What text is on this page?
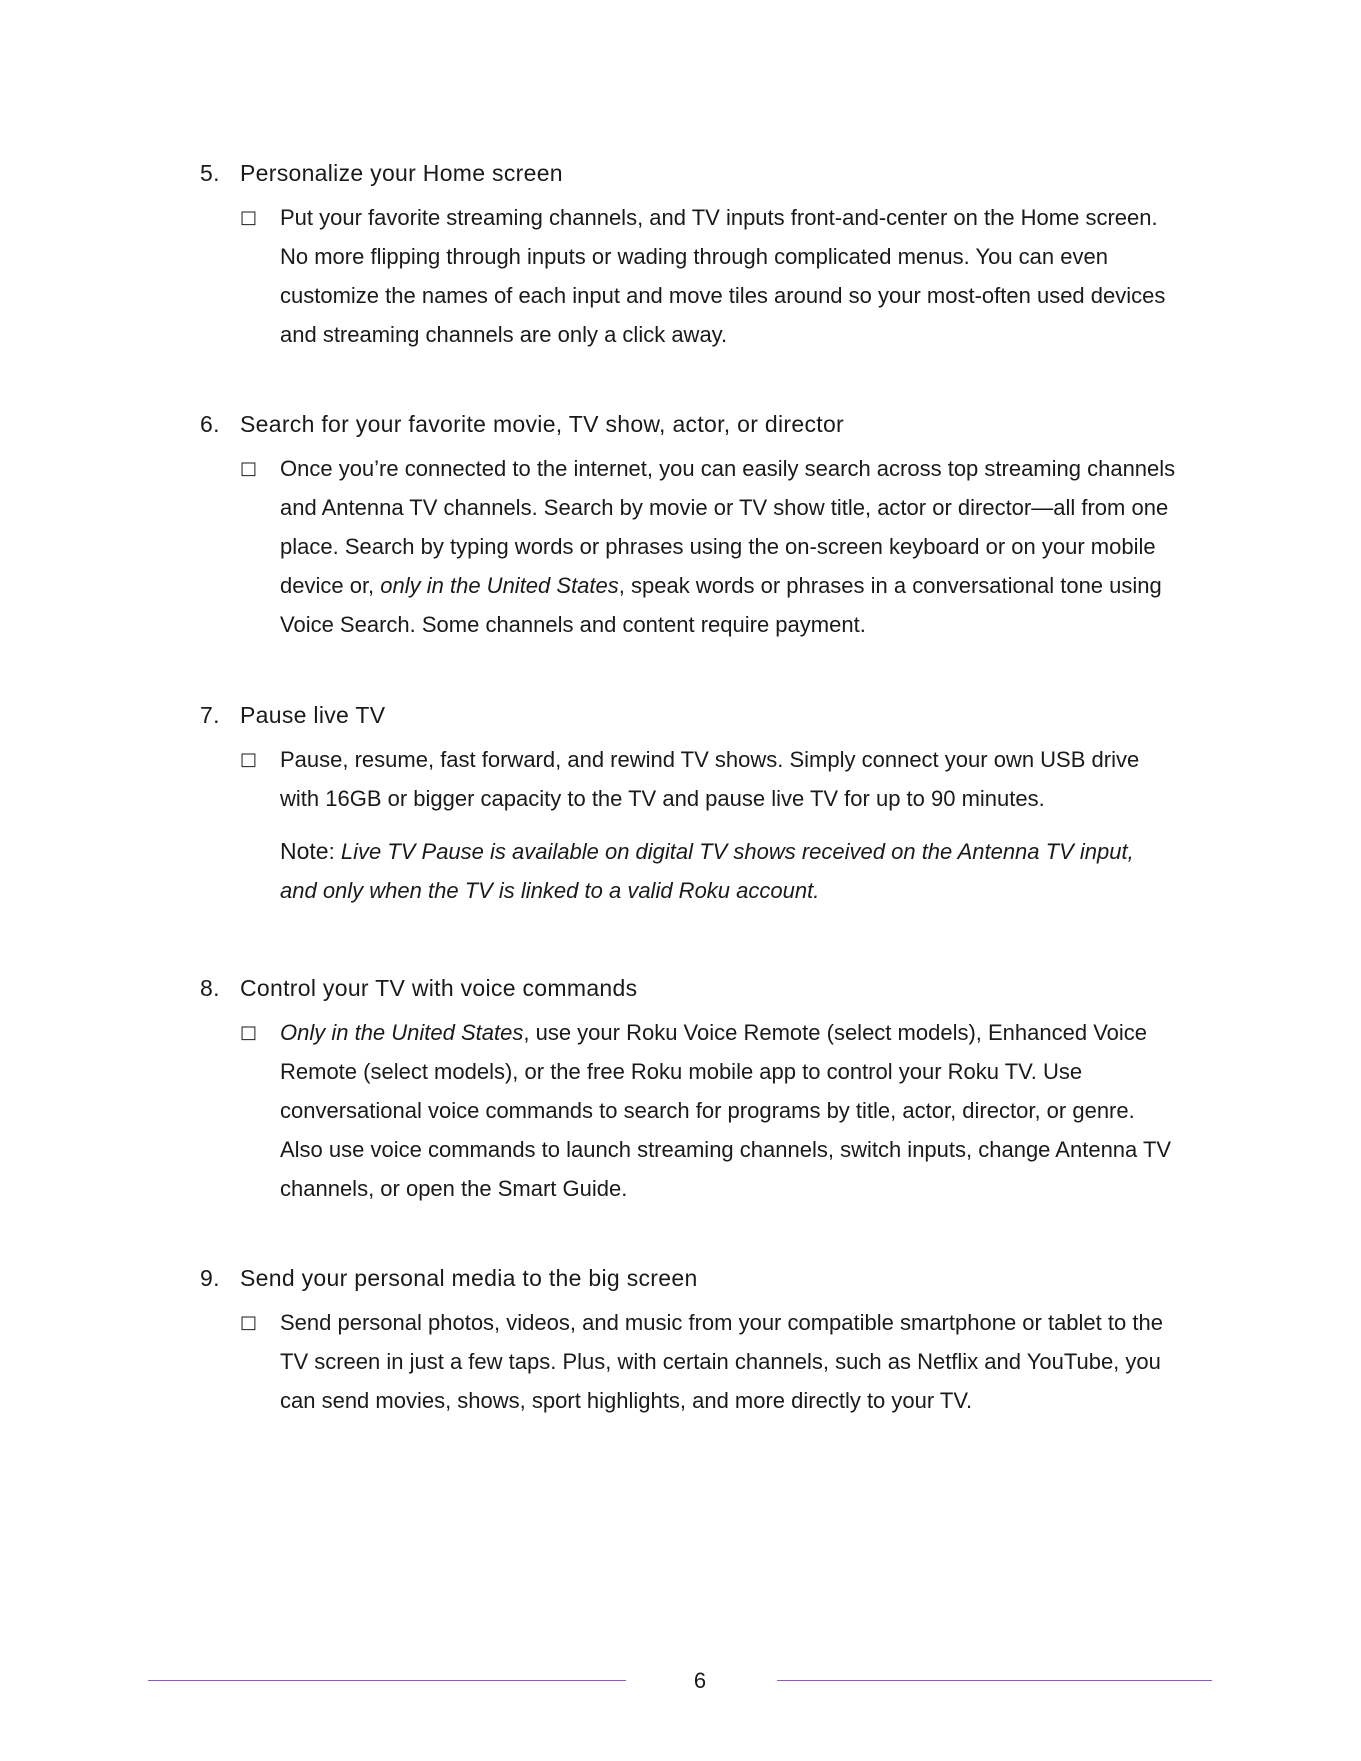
5. Personalize your Home screen
□	Put your favorite streaming channels, and TV inputs front-and-center on the Home screen. No more flipping through inputs or wading through complicated menus. You can even customize the names of each input and move tiles around so your most-often used devices and streaming channels are only a click away.

6. Search for your favorite movie, TV show, actor, or director
□	Once you’re connected to the internet, you can easily search across top streaming channels and Antenna TV channels. Search by movie or TV show title, actor or director—all from one place. Search by typing words or phrases using the on-screen keyboard or on your mobile device or, only in the United States, speak words or phrases in a conversational tone using Voice Search. Some channels and content require payment.

7. Pause live TV
□	Pause, resume, fast forward, and rewind TV shows. Simply connect your own USB drive with 16GB or bigger capacity to the TV and pause live TV for up to 90 minutes.

Note: Live TV Pause is available on digital TV shows received on the Antenna TV input, and only when the TV is linked to a valid Roku account.
8. Control your TV with voice commands
□	Only in the United States, use your Roku Voice Remote (select models), Enhanced Voice Remote (select models), or the free Roku mobile app to control your Roku TV. Use conversational voice commands to search for programs by title, actor, director, or genre. Also use voice commands to launch streaming channels, switch inputs, change Antenna TV channels, or open the Smart Guide.

9. Send your personal media to the big screen
□	Send personal photos, videos, and music from your compatible smartphone or tablet to the TV screen in just a few taps. Plus, with certain channels, such as Netflix and YouTube, you can send movies, shows, sport highlights, and more directly to your TV.

6
